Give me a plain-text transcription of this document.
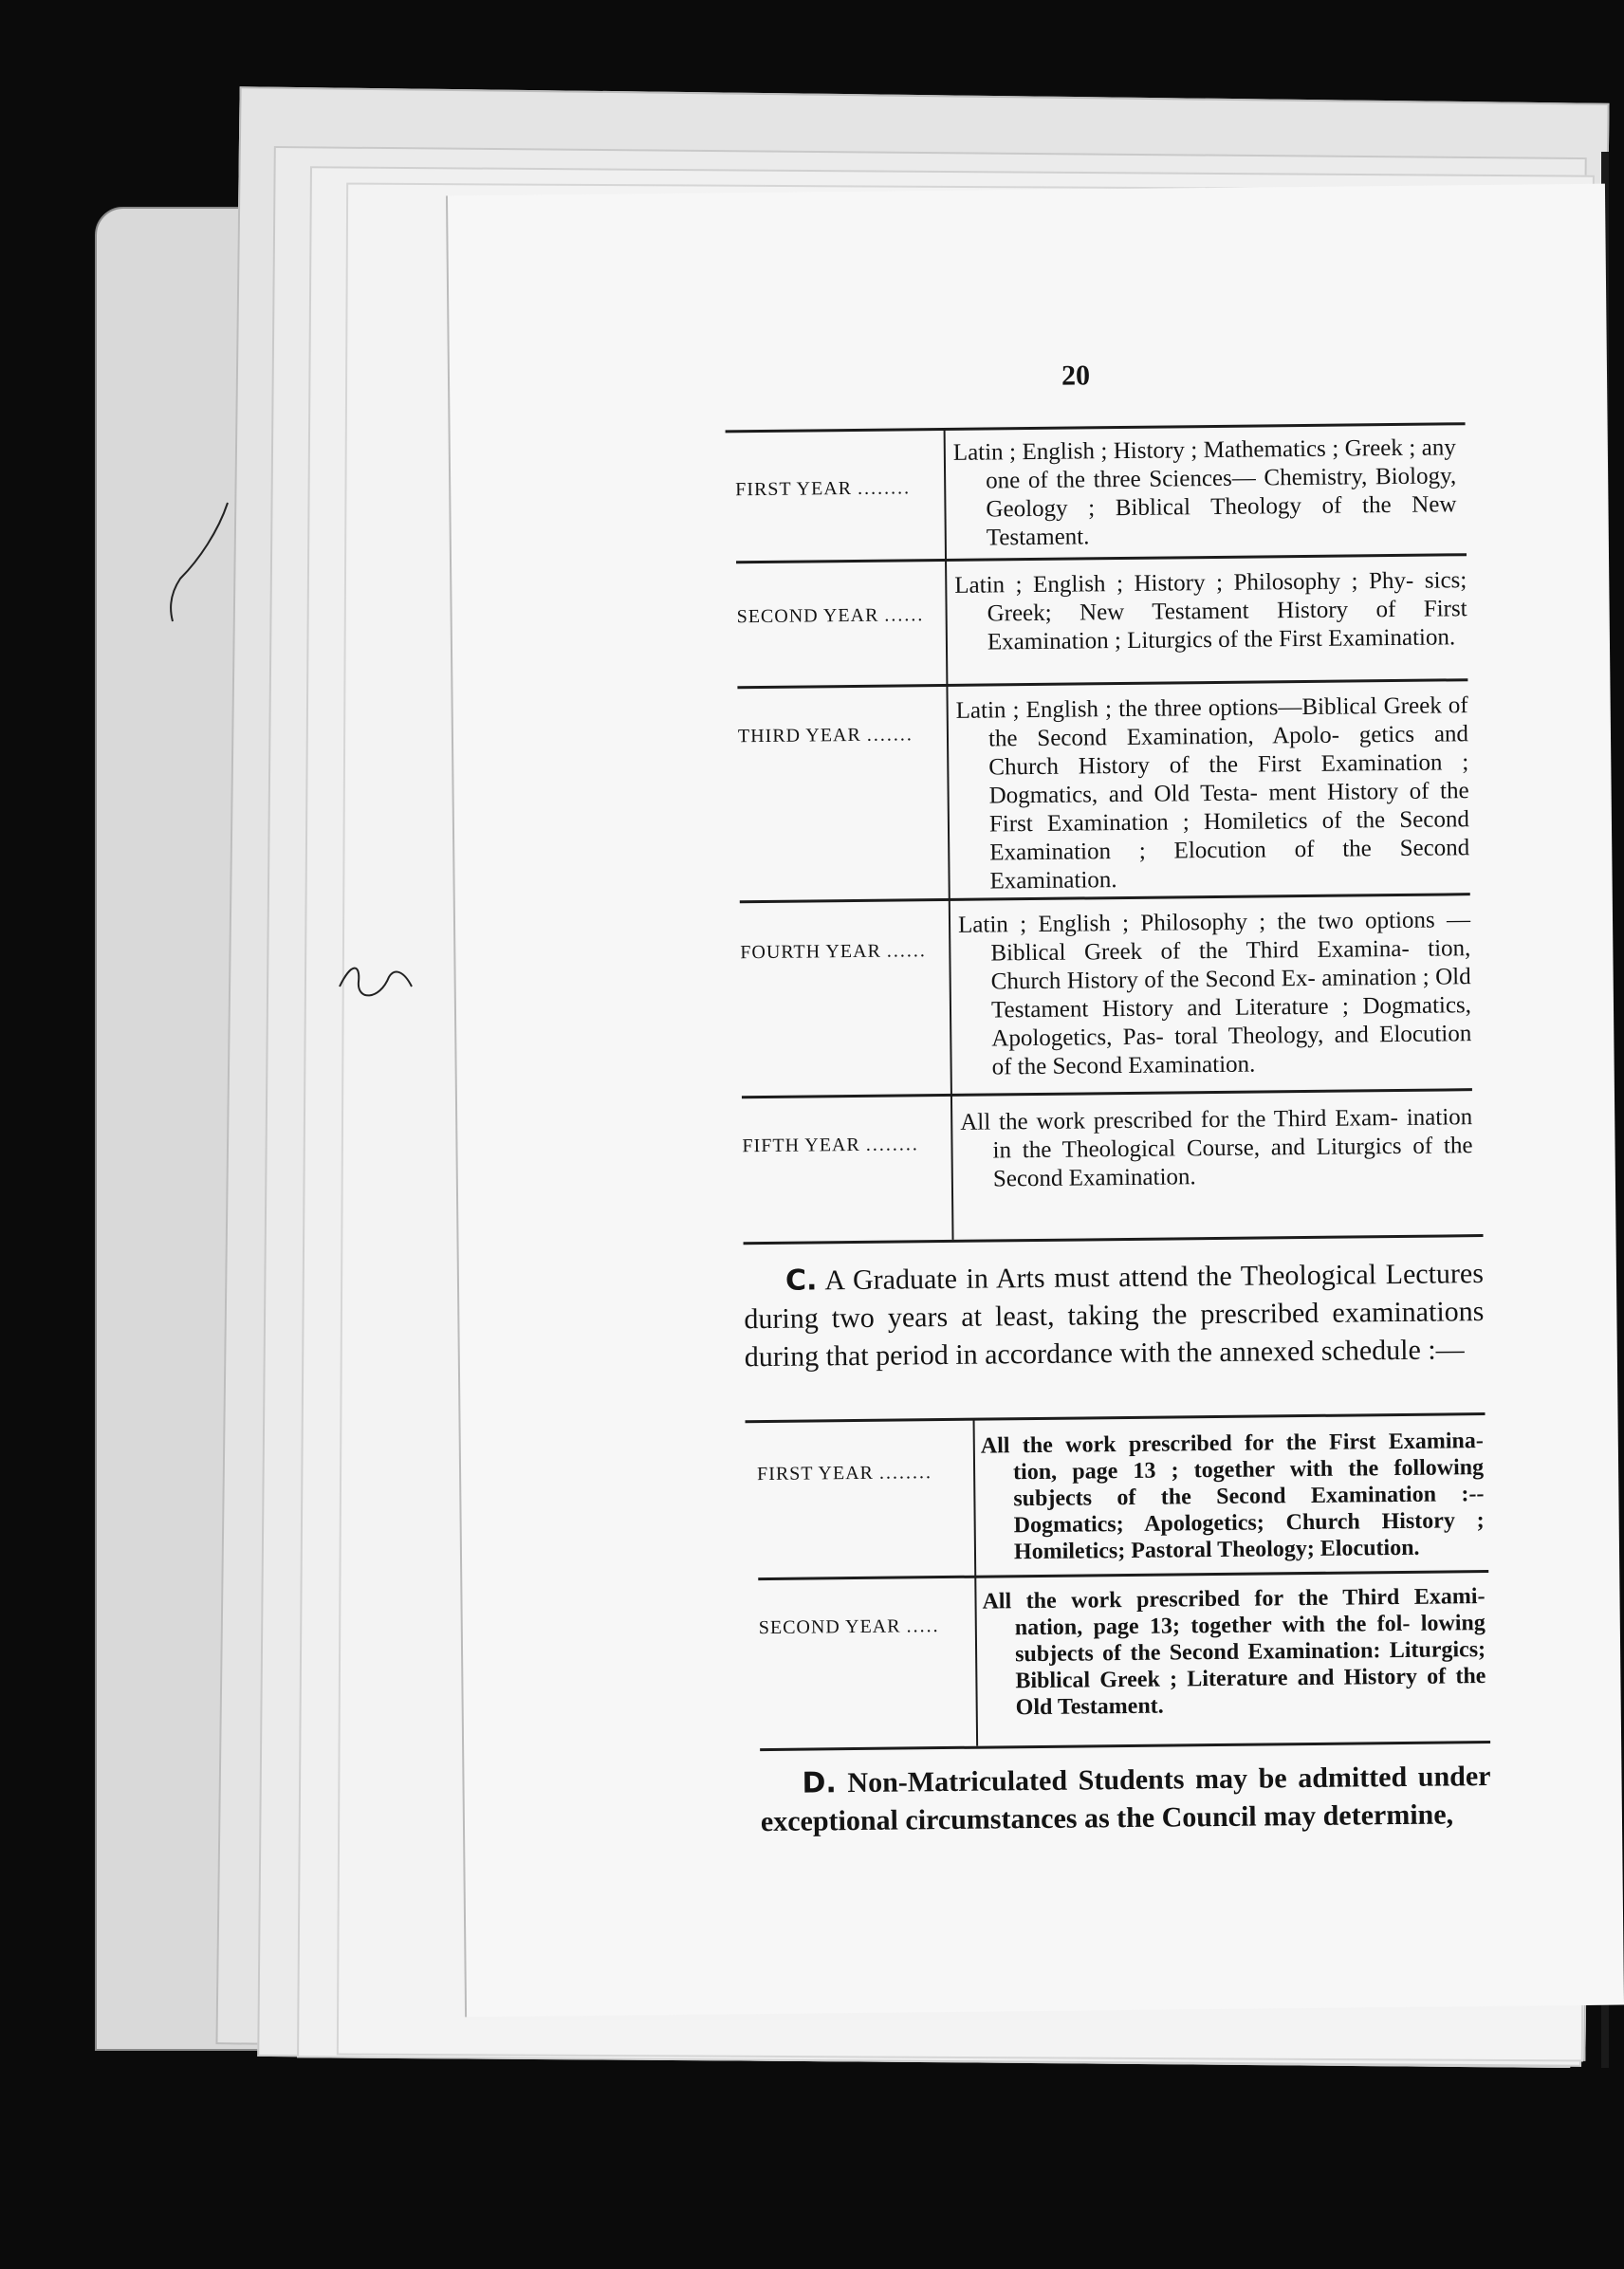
20
FIRST YEAR ........
Latin ; English ; History ; Mathematics ; Greek ; any one of the three Sciences— Chemistry, Biology, Geology ; Biblical Theology of the New Testament.
SECOND YEAR ......
Latin ; English ; History ; Philosophy ; Phy- sics; Greek; New Testament History of First Examination ; Liturgics of the First Examination.
THIRD YEAR .......
Latin ; English ; the three options—Biblical Greek of the Second Examination, Apolo- getics and Church History of the First Examination ; Dogmatics, and Old Testa- ment History of the First Examination ; Homiletics of the Second Examination ; Elocution of the Second Examination.
FOURTH YEAR ......
Latin ; English ; Philosophy ; the two options —Biblical Greek of the Third Examina- tion, Church History of the Second Ex- amination ; Old Testament History and Literature ; Dogmatics, Apologetics, Pas- toral Theology, and Elocution of the Second Examination.
FIFTH YEAR ........
All the work prescribed for the Third Exam- ination in the Theological Course, and Liturgics of the Second Examination.
C. A Graduate in Arts must attend the Theological Lectures during two years at least, taking the prescribed examinations during that period in accordance with the annexed schedule :—
FIRST YEAR ........
All the work prescribed for the First Examina- tion, page 13 ; together with the following subjects of the Second Examination :-- Dogmatics; Apologetics; Church History ; Homiletics; Pastoral Theology; Elocution.
SECOND YEAR .....
All the work prescribed for the Third Exami- nation, page 13; together with the fol- lowing subjects of the Second Examination: Liturgics; Biblical Greek ; Literature and History of the Old Testament.
D. Non-Matriculated Students may be admitted under exceptional circumstances as the Council may determine,
